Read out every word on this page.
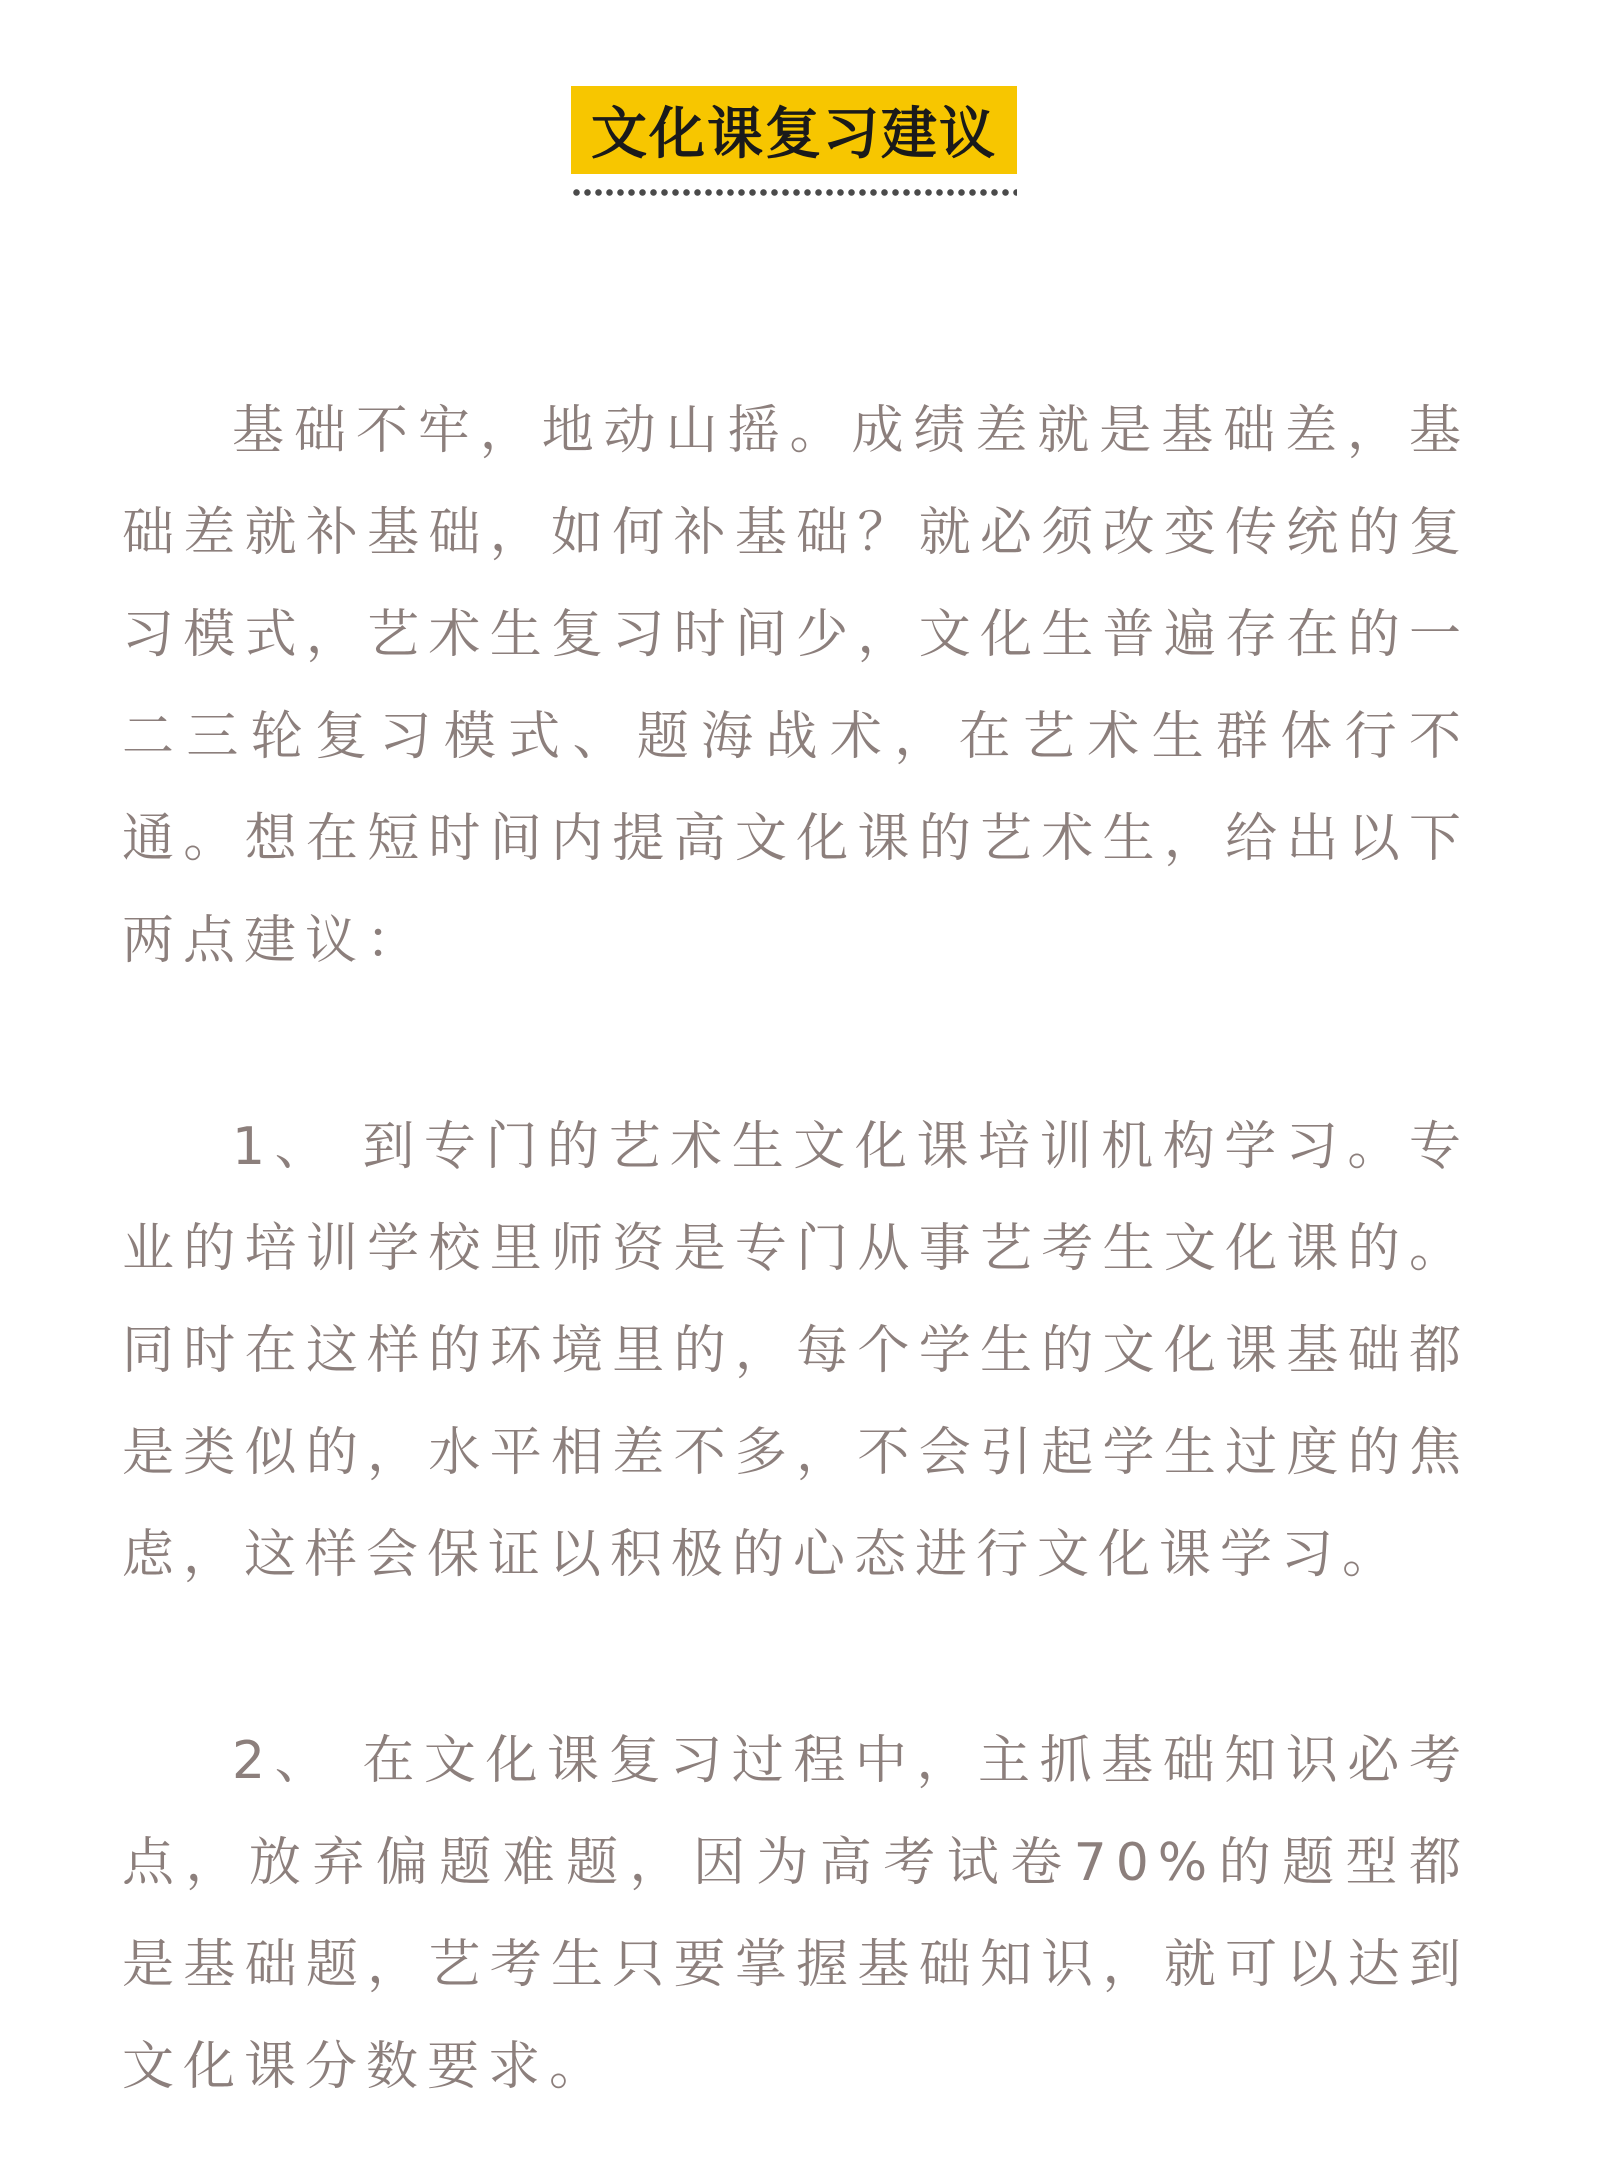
文化课复习建议

基础不牢，地动山摇。成绩差就是基础差，基础差就补基础，如何补基础？就必须改变传统的复习模式，艺术生复习时间少，文化生普遍存在的一二三轮复习模式、题海战术，在艺术生群体行不通。想在短时间内提高文化课的艺术生，给出以下两点建议：

1、 到专门的艺术生文化课培训机构学习。专业的培训学校里师资是专门从事艺考生文化课的。同时在这样的环境里的，每个学生的文化课基础都是类似的，水平相差不多，不会引起学生过度的焦虑，这样会保证以积极的心态进行文化课学习。

2、 在文化课复习过程中，主抓基础知识必考点，放弃偏题难题，因为高考试卷70%的题型都是基础题，艺考生只要掌握基础知识，就可以达到文化课分数要求。
